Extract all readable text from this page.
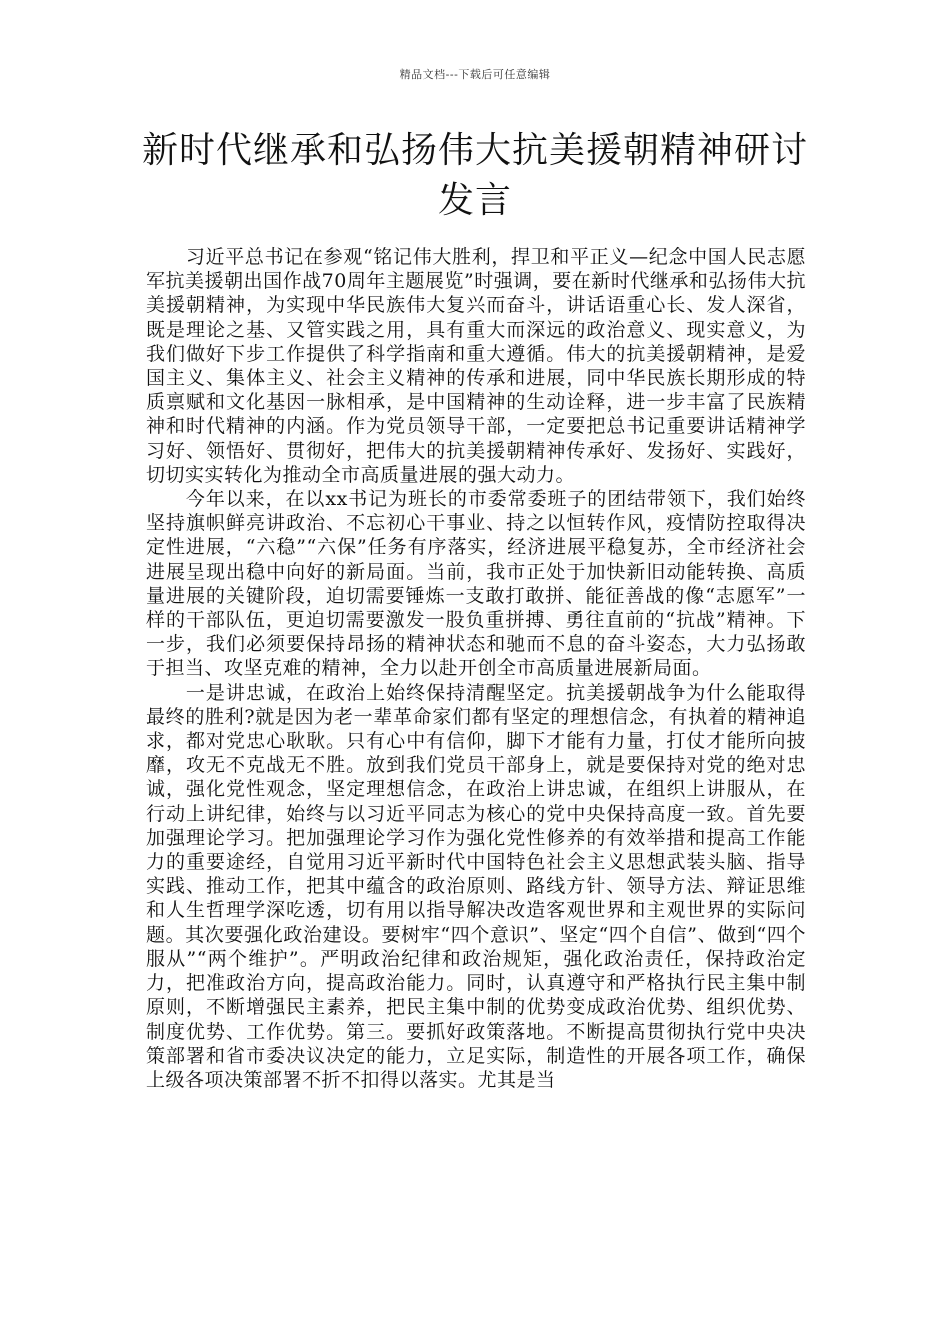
精品文档---下载后可任意编辑
新时代继承和弘扬伟大抗美援朝精神研讨发言

习近平总书记在参观“铭记伟大胜利，捍卫和平正义—纪念中国人民志愿军抗美援朝出国作战70周年主题展览”时强调，要在新时代继承和弘扬伟大抗美援朝精神，为实现中华民族伟大复兴而奋斗，讲话语重心长、发人深省，既是理论之基、又管实践之用，具有重大而深远的政治意义、现实意义，为我们做好下步工作提供了科学指南和重大遵循。伟大的抗美援朝精神，是爱国主义、集体主义、社会主义精神的传承和进展，同中华民族长期形成的特质禀赋和文化基因一脉相承，是中国精神的生动诠释，进一步丰富了民族精神和时代精神的内涵。作为党员领导干部，一定要把总书记重要讲话精神学习好、领悟好、贯彻好，把伟大的抗美援朝精神传承好、发扬好、实践好，切切实实转化为推动全市高质量进展的强大动力。

今年以来，在以xx书记为班长的市委常委班子的团结带领下，我们始终坚持旗帜鲜亮讲政治、不忘初心干事业、持之以恒转作风，疫情防控取得决定性进展，“六稳”“六保”任务有序落实，经济进展平稳复苏，全市经济社会进展呈现出稳中向好的新局面。当前，我市正处于加快新旧动能转换、高质量进展的关键阶段，迫切需要锤炼一支敢打敢拼、能征善战的像“志愿军”一样的干部队伍，更迫切需要激发一股负重拼搏、勇往直前的“抗战”精神。下一步，我们必须要保持昂扬的精神状态和驰而不息的奋斗姿态，大力弘扬敢于担当、攻坚克难的精神，全力以赴开创全市高质量进展新局面。

一是讲忠诚，在政治上始终保持清醒坚定。抗美援朝战争为什么能取得最终的胜利?就是因为老一辈革命家们都有坚定的理想信念，有执着的精神追求，都对党忠心耿耿。只有心中有信仰，脚下才能有力量，打仗才能所向披靡，攻无不克战无不胜。放到我们党员干部身上，就是要保持对党的绝对忠诚，强化党性观念，坚定理想信念，在政治上讲忠诚，在组织上讲服从，在行动上讲纪律，始终与以习近平同志为核心的党中央保持高度一致。首先要加强理论学习。把加强理论学习作为强化党性修养的有效举措和提高工作能力的重要途经，自觉用习近平新时代中国特色社会主义思想武装头脑、指导实践、推动工作，把其中蕴含的政治原则、路线方针、领导方法、辩证思维和人生哲理学深吃透，切有用以指导解决改造客观世界和主观世界的实际问题。其次要强化政治建设。要树牢“四个意识”、坚定“四个自信”、做到“四个服从”“两个维护”。严明政治纪律和政治规矩，强化政治责任，保持政治定力，把准政治方向，提高政治能力。同时，认真遵守和严格执行民主集中制原则，不断增强民主素养，把民主集中制的优势变成政治优势、组织优势、制度优势、工作优势。第三。要抓好政策落地。不断提高贯彻执行党中央决策部署和省市委决议决定的能力，立足实际，制造性的开展各项工作，确保上级各项决策部署不折不扣得以落实。尤其是当
